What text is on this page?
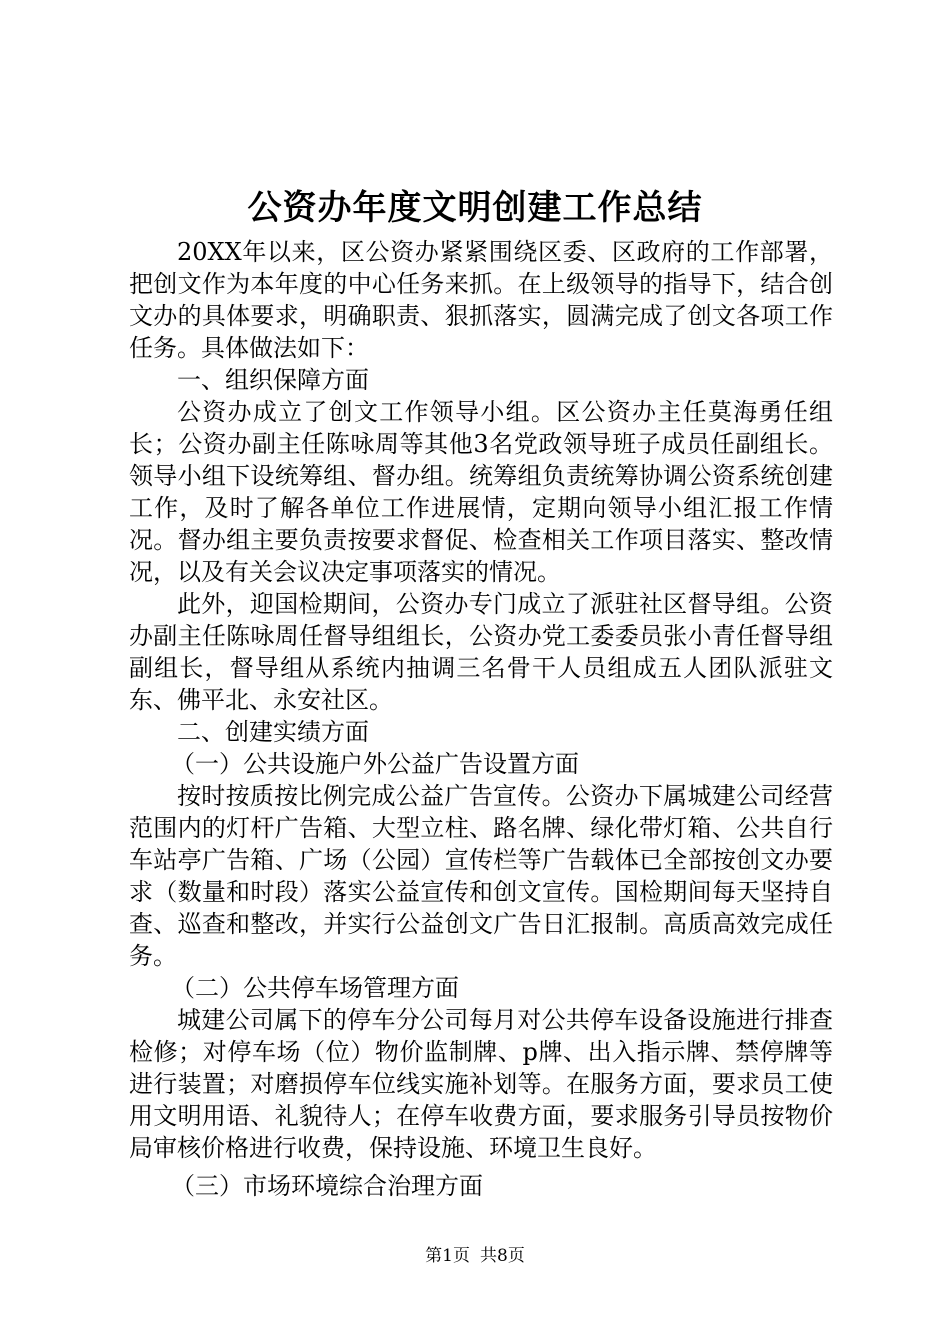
公资办年度文明创建工作总结

20XX年以来，区公资办紧紧围绕区委、区政府的工作部署，把创文作为本年度的中心任务来抓。在上级领导的指导下，结合创文办的具体要求，明确职责、狠抓落实，圆满完成了创文各项工作任务。具体做法如下：

一、组织保障方面

公资办成立了创文工作领导小组。区公资办主任莫海勇任组长；公资办副主任陈咏周等其他3名党政领导班子成员任副组长。领导小组下设统筹组、督办组。统筹组负责统筹协调公资系统创建工作，及时了解各单位工作进展情，定期向领导小组汇报工作情况。督办组主要负责按要求督促、检查相关工作项目落实、整改情况，以及有关会议决定事项落实的情况。

此外，迎国检期间，公资办专门成立了派驻社区督导组。公资办副主任陈咏周任督导组组长，公资办党工委委员张小青任督导组副组长，督导组从系统内抽调三名骨干人员组成五人团队派驻文东、佛平北、永安社区。

二、创建实绩方面

（一）公共设施户外公益广告设置方面

按时按质按比例完成公益广告宣传。公资办下属城建公司经营范围内的灯杆广告箱、大型立柱、路名牌、绿化带灯箱、公共自行车站亭广告箱、广场（公园）宣传栏等广告载体已全部按创文办要求（数量和时段）落实公益宣传和创文宣传。国检期间每天坚持自查、巡查和整改，并实行公益创文广告日汇报制。高质高效完成任务。

（二）公共停车场管理方面

城建公司属下的停车分公司每月对公共停车设备设施进行排查检修；对停车场（位）物价监制牌、p牌、出入指示牌、禁停牌等进行装置；对磨损停车位线实施补划等。在服务方面，要求员工使用文明用语、礼貌待人；在停车收费方面，要求服务引导员按物价局审核价格进行收费，保持设施、环境卫生良好。

（三）市场环境综合治理方面

第1页 共8页
